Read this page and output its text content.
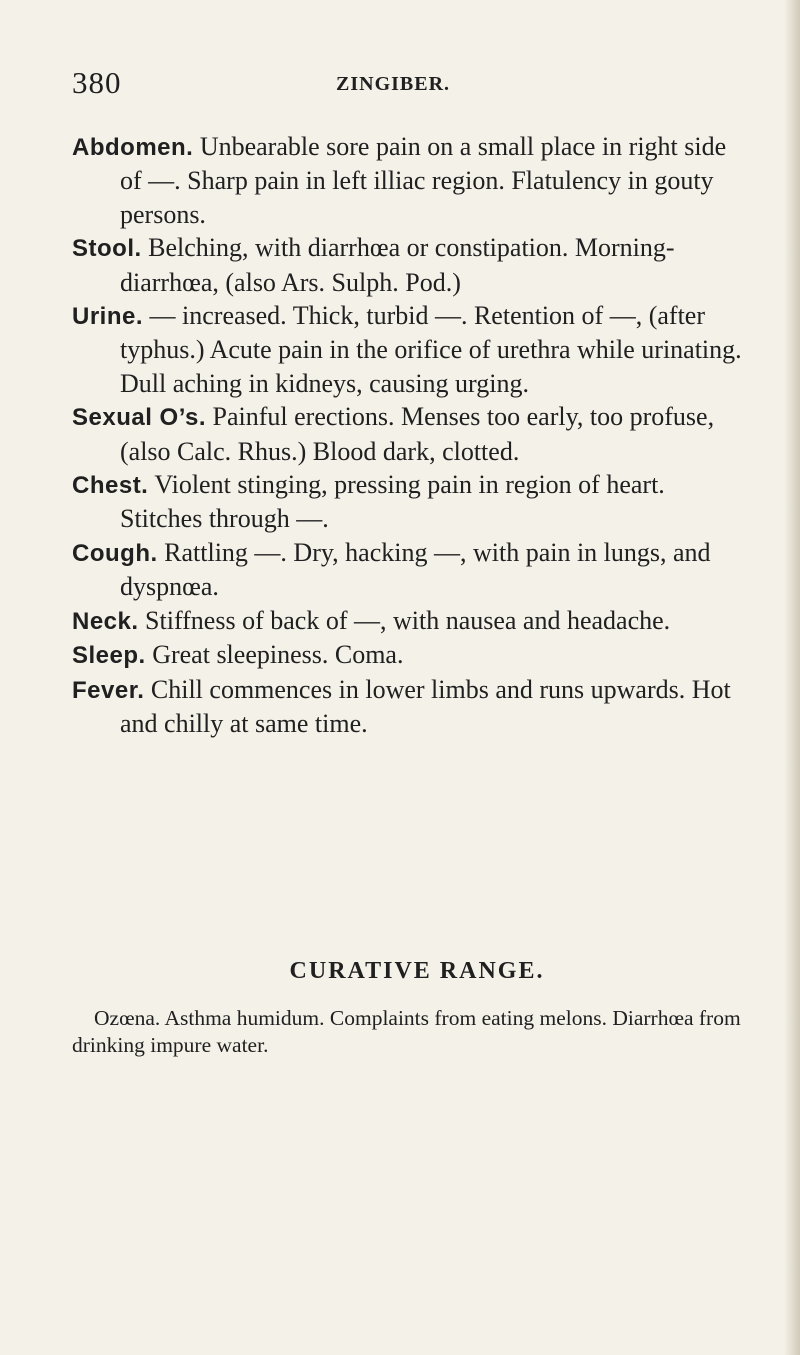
380	ZINGIBER.

Abdomen. Unbearable sore pain on a small place in right side of —. Sharp pain in left illiac region. Flatulency in gouty persons.

Stool. Belching, with diarrhœa or constipation. Morning-diarrhœa, (also Ars. Sulph. Pod.)

Urine. — increased. Thick, turbid —. Retention of —, (after typhus.) Acute pain in the orifice of urethra while urinating. Dull aching in kidneys, causing urging.

Sexual O’s. Painful erections. Menses too early, too profuse, (also Calc. Rhus.) Blood dark, clotted.

Chest. Violent stinging, pressing pain in region of heart. Stitches through —.

Cough. Rattling —. Dry, hacking —, with pain in lungs, and dyspnœa.

Neck. Stiffness of back of —, with nausea and headache.

Sleep. Great sleepiness. Coma.

Fever. Chill commences in lower limbs and runs upwards. Hot and chilly at same time.

CURATIVE RANGE.

Ozœna. Asthma humidum. Complaints from eating melons. Diarrhœa from drinking impure water.
